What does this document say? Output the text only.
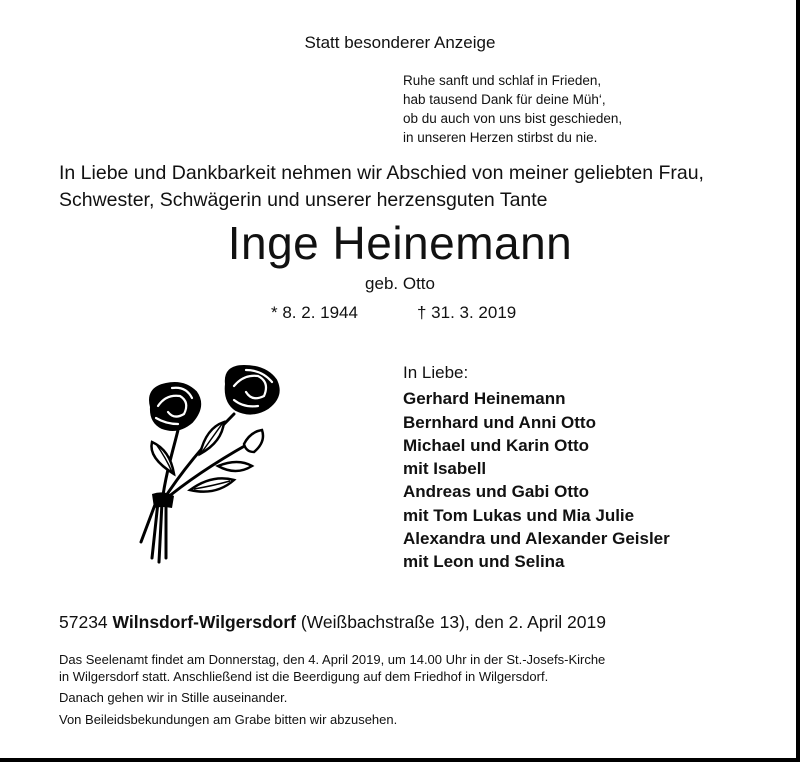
Statt besonderer Anzeige
Ruhe sanft und schlaf in Frieden,
hab tausend Dank für deine Müh‘,
ob du auch von uns bist geschieden,
in unseren Herzen stirbst du nie.
In Liebe und Dankbarkeit nehmen wir Abschied von meiner geliebten Frau,
Schwester, Schwägerin und unserer herzensguten Tante
Inge Heinemann
geb. Otto
* 8. 2. 1944	† 31. 3. 2019
In Liebe:
Gerhard Heinemann
Bernhard und Anni Otto
Michael und Karin Otto
mit Isabell
Andreas und Gabi Otto
mit Tom Lukas und Mia Julie
Alexandra und Alexander Geisler
mit Leon und Selina
57234 Wilnsdorf-Wilgersdorf (Weißbachstraße 13), den 2. April 2019
Das Seelenamt findet am Donnerstag, den 4. April 2019, um 14.00 Uhr in der St.-Josefs-Kirche
in Wilgersdorf statt. Anschließend ist die Beerdigung auf dem Friedhof in Wilgersdorf.
Danach gehen wir in Stille auseinander.
Von Beileidsbekundungen am Grabe bitten wir abzusehen.
